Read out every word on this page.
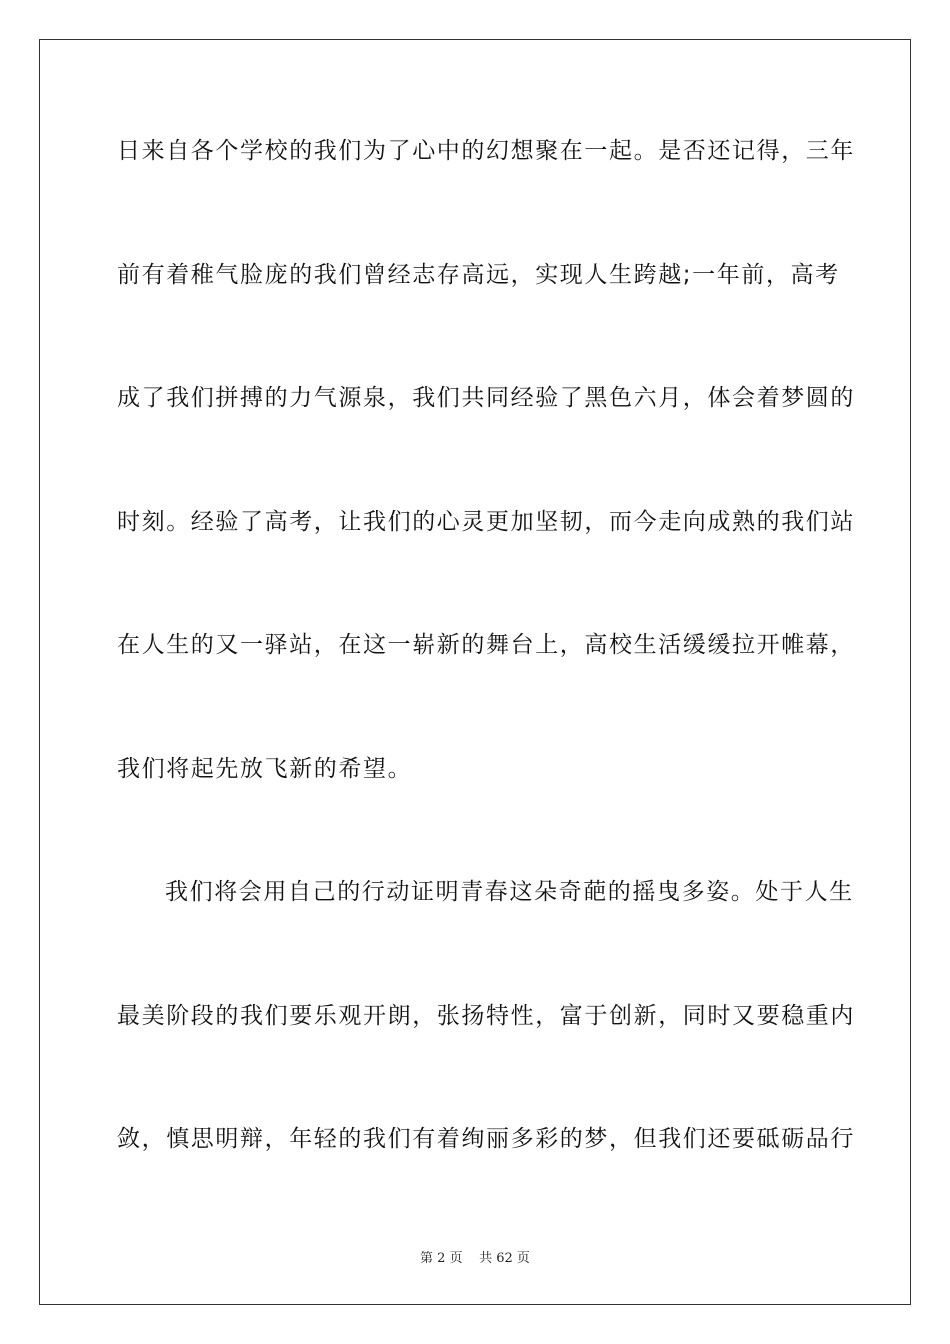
日来自各个学校的我们为了心中的幻想聚在一起。是否还记得，三年
前有着稚气脸庞的我们曾经志存高远，实现人生跨越;一年前，高考
成了我们拼搏的力气源泉，我们共同经验了黑色六月，体会着梦圆的
时刻。经验了高考，让我们的心灵更加坚韧，而今走向成熟的我们站
在人生的又一驿站，在这一崭新的舞台上，高校生活缓缓拉开帷幕，
我们将起先放飞新的希望。
我们将会用自己的行动证明青春这朵奇葩的摇曳多姿。处于人生
最美阶段的我们要乐观开朗，张扬特性，富于创新，同时又要稳重内
敛，慎思明辩，年轻的我们有着绚丽多彩的梦，但我们还要砥砺品行
第 2 页 共 62 页
